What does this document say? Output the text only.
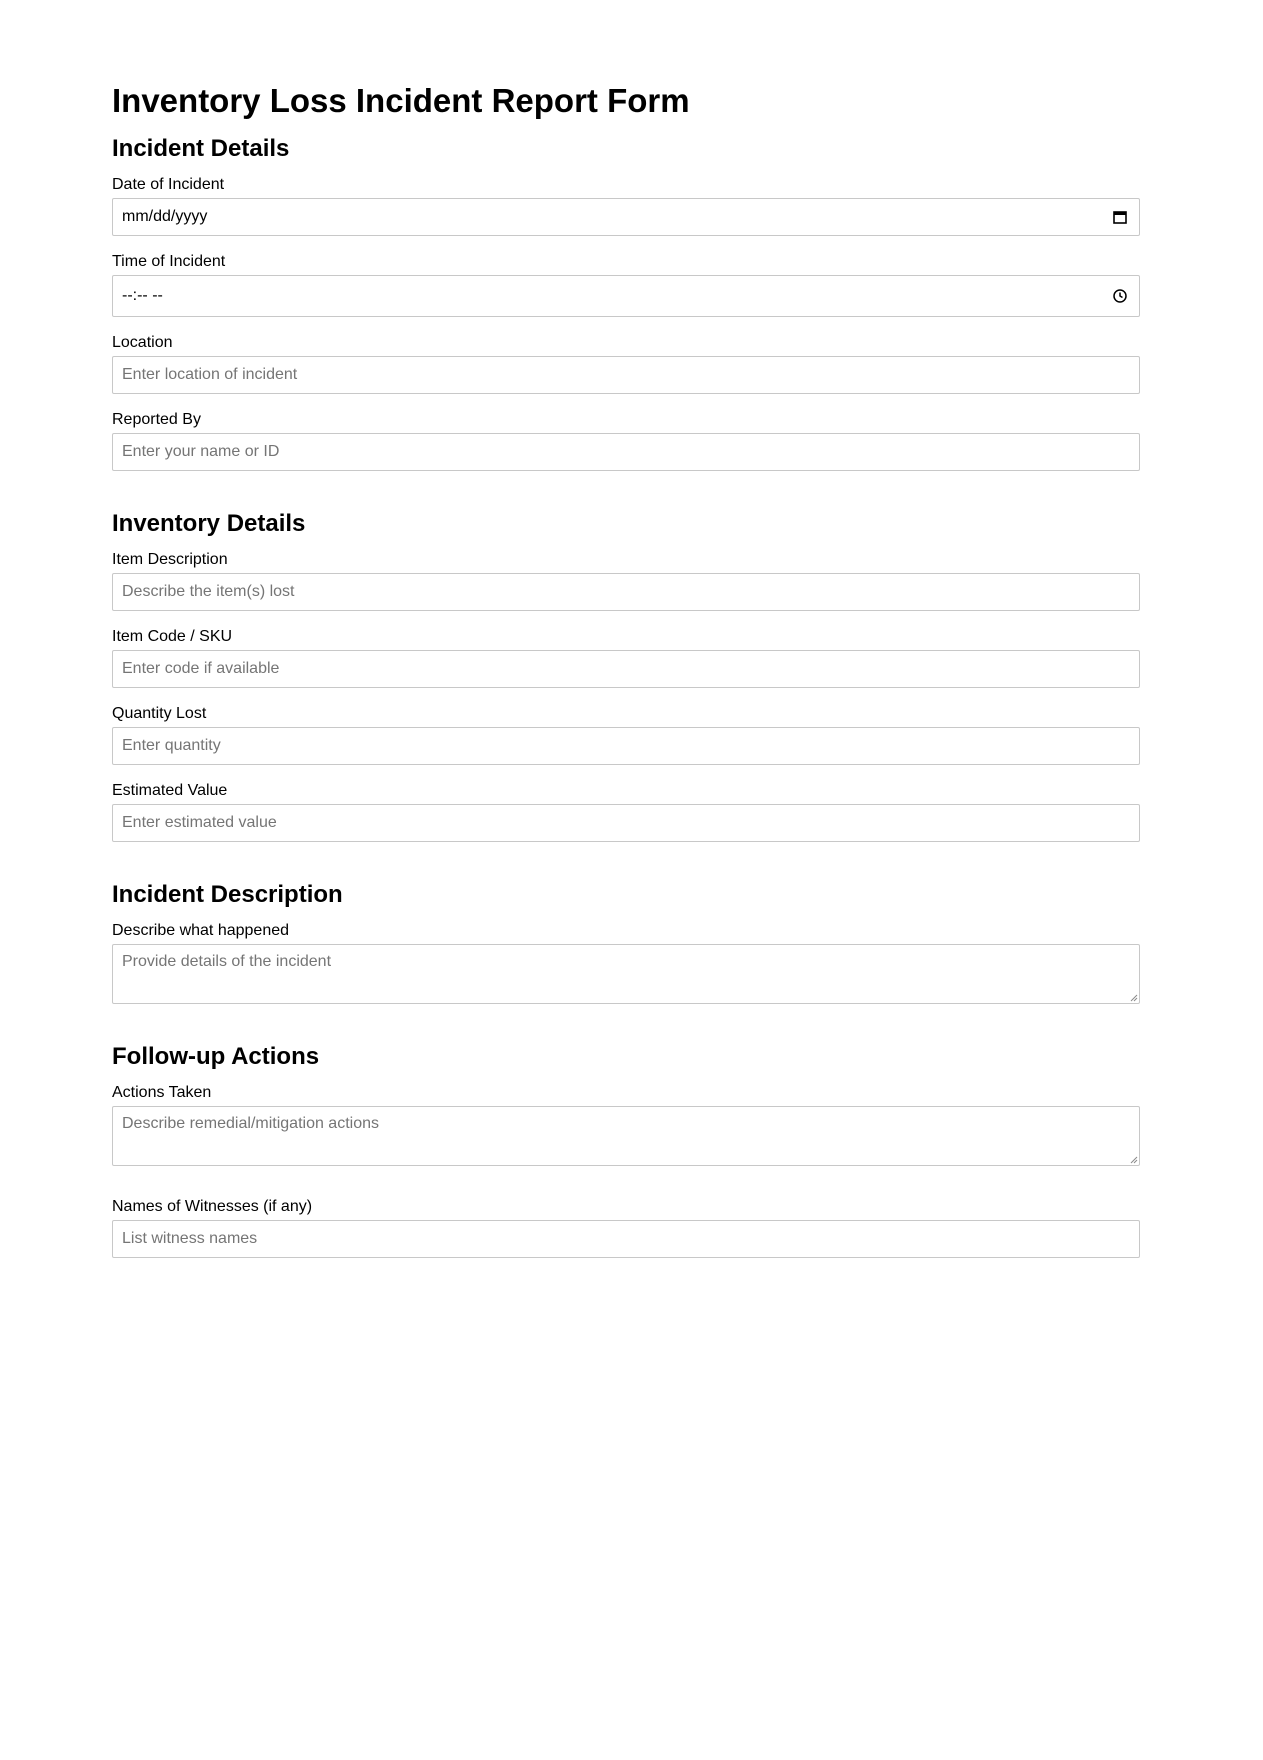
Inventory Loss Incident Report Form
Incident Details
Date of Incident
mm/dd/yyyy
Time of Incident
--:-- --
Location
Enter location of incident
Reported By
Enter your name or ID
Inventory Details
Item Description
Describe the item(s) lost
Item Code / SKU
Enter code if available
Quantity Lost
Enter quantity
Estimated Value
Enter estimated value
Incident Description
Describe what happened
Provide details of the incident
Follow-up Actions
Actions Taken
Describe remedial/mitigation actions
Names of Witnesses (if any)
List witness names
